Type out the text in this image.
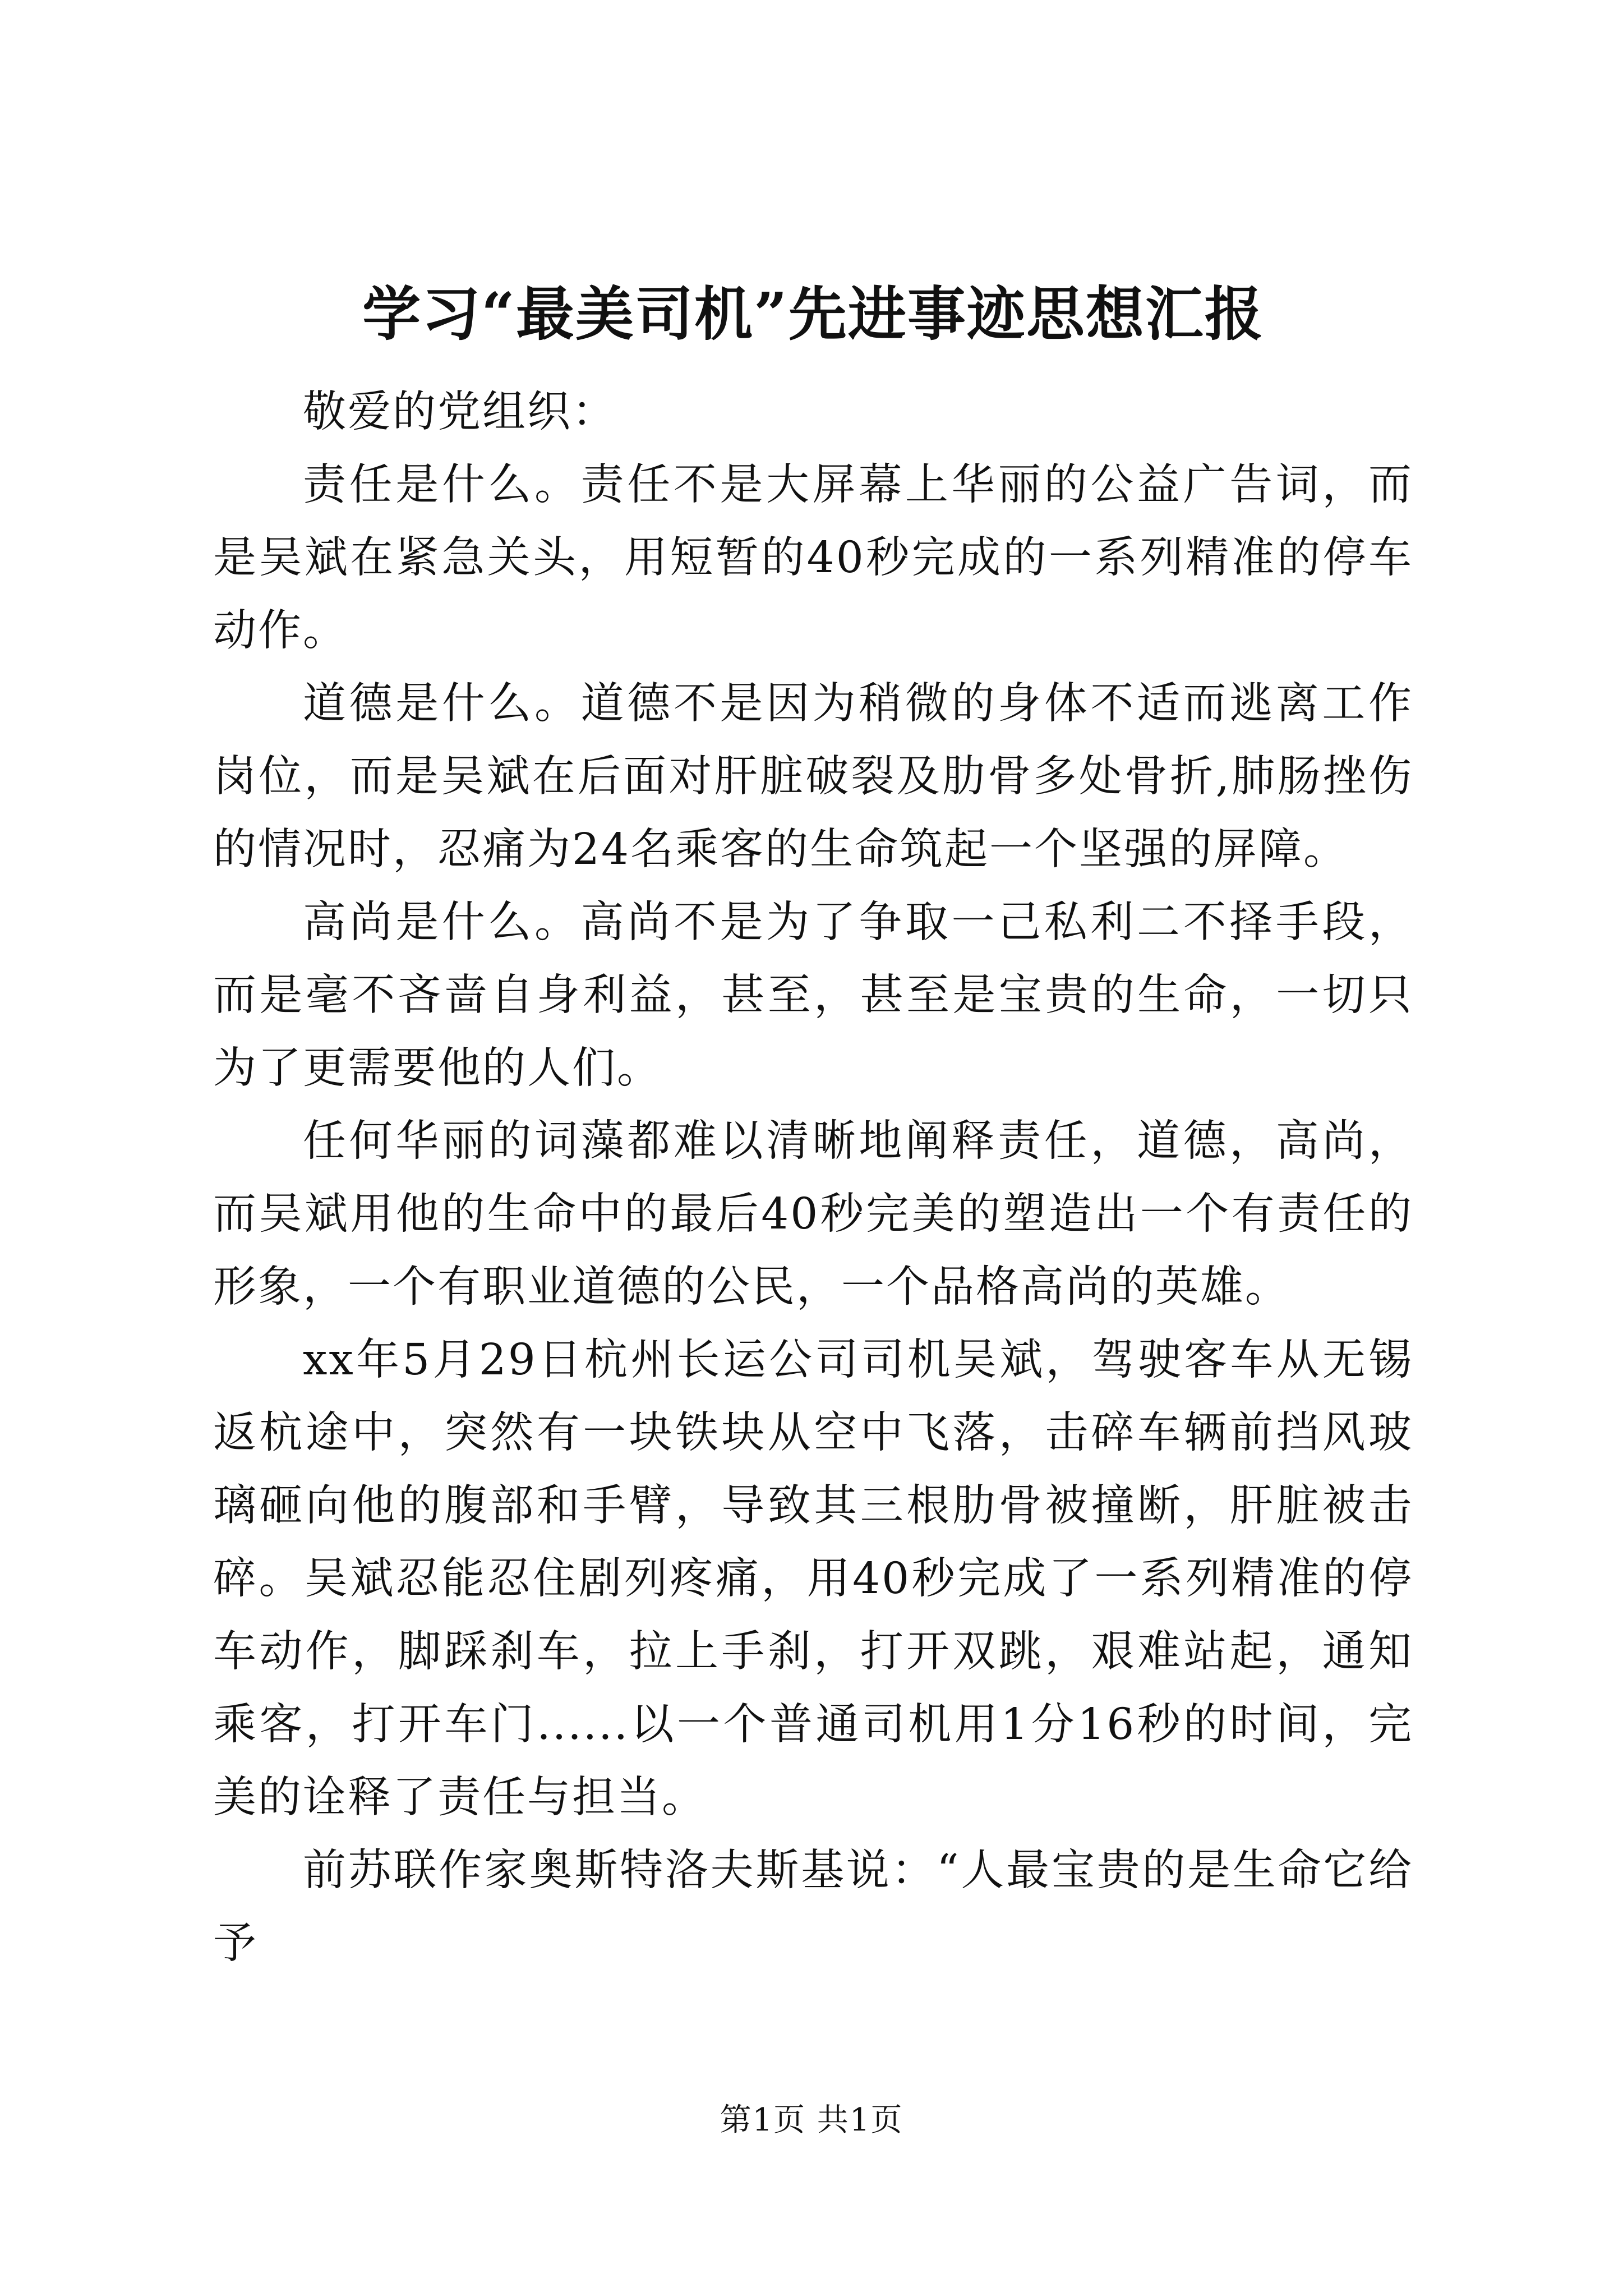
学习“最美司机”先进事迹思想汇报

敬爱的党组织：

责任是什么。责任不是大屏幕上华丽的公益广告词，而是吴斌在紧急关头，用短暂的40秒完成的一系列精准的停车动作。

道德是什么。道德不是因为稍微的身体不适而逃离工作岗位，而是吴斌在后面对肝脏破裂及肋骨多处骨折,肺肠挫伤的情况时，忍痛为24名乘客的生命筑起一个坚强的屏障。

高尚是什么。高尚不是为了争取一己私利二不择手段，而是毫不吝啬自身利益，甚至，甚至是宝贵的生命，一切只为了更需要他的人们。

任何华丽的词藻都难以清晰地阐释责任，道德，高尚，而吴斌用他的生命中的最后40秒完美的塑造出一个有责任的形象，一个有职业道德的公民，一个品格高尚的英雄。

xx年5月29日杭州长运公司司机吴斌，驾驶客车从无锡返杭途中，突然有一块铁块从空中飞落，击碎车辆前挡风玻璃砸向他的腹部和手臂，导致其三根肋骨被撞断，肝脏被击碎。吴斌忍能忍住剧列疼痛，用40秒完成了一系列精准的停车动作，脚踩刹车，拉上手刹，打开双跳，艰难站起，通知乘客，打开车门......以一个普通司机用1分16秒的时间，完美的诠释了责任与担当。

前苏联作家奥斯特洛夫斯基说：“人最宝贵的是生命它给予

第1页 共1页
